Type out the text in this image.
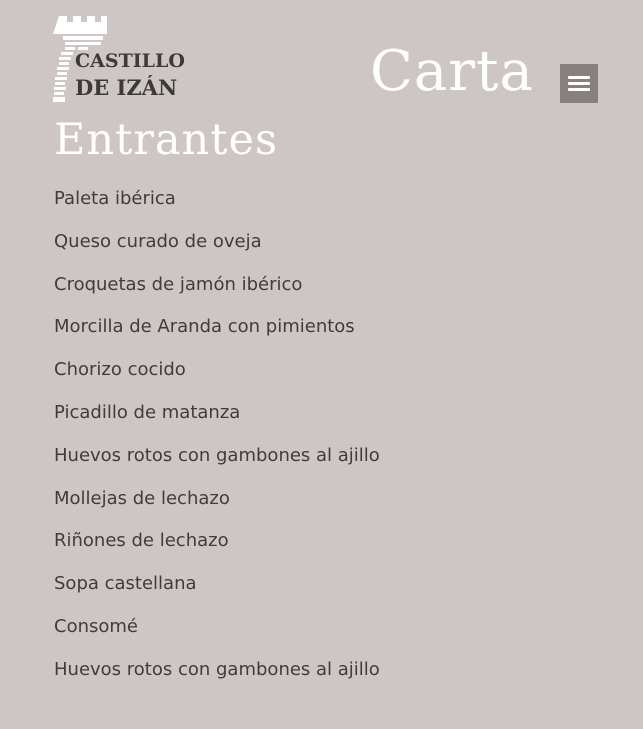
CASTILLO
DE IZÁN	Carta
Entrantes
Paleta ibérica
Queso curado de oveja
Croquetas de jamón ibérico
Morcilla de Aranda con pimientos
Chorizo cocido
Picadillo de matanza
Huevos rotos con gambones al ajillo
Mollejas de lechazo
Riñones de lechazo
Sopa castellana
Consomé
Huevos rotos con gambones al ajillo
